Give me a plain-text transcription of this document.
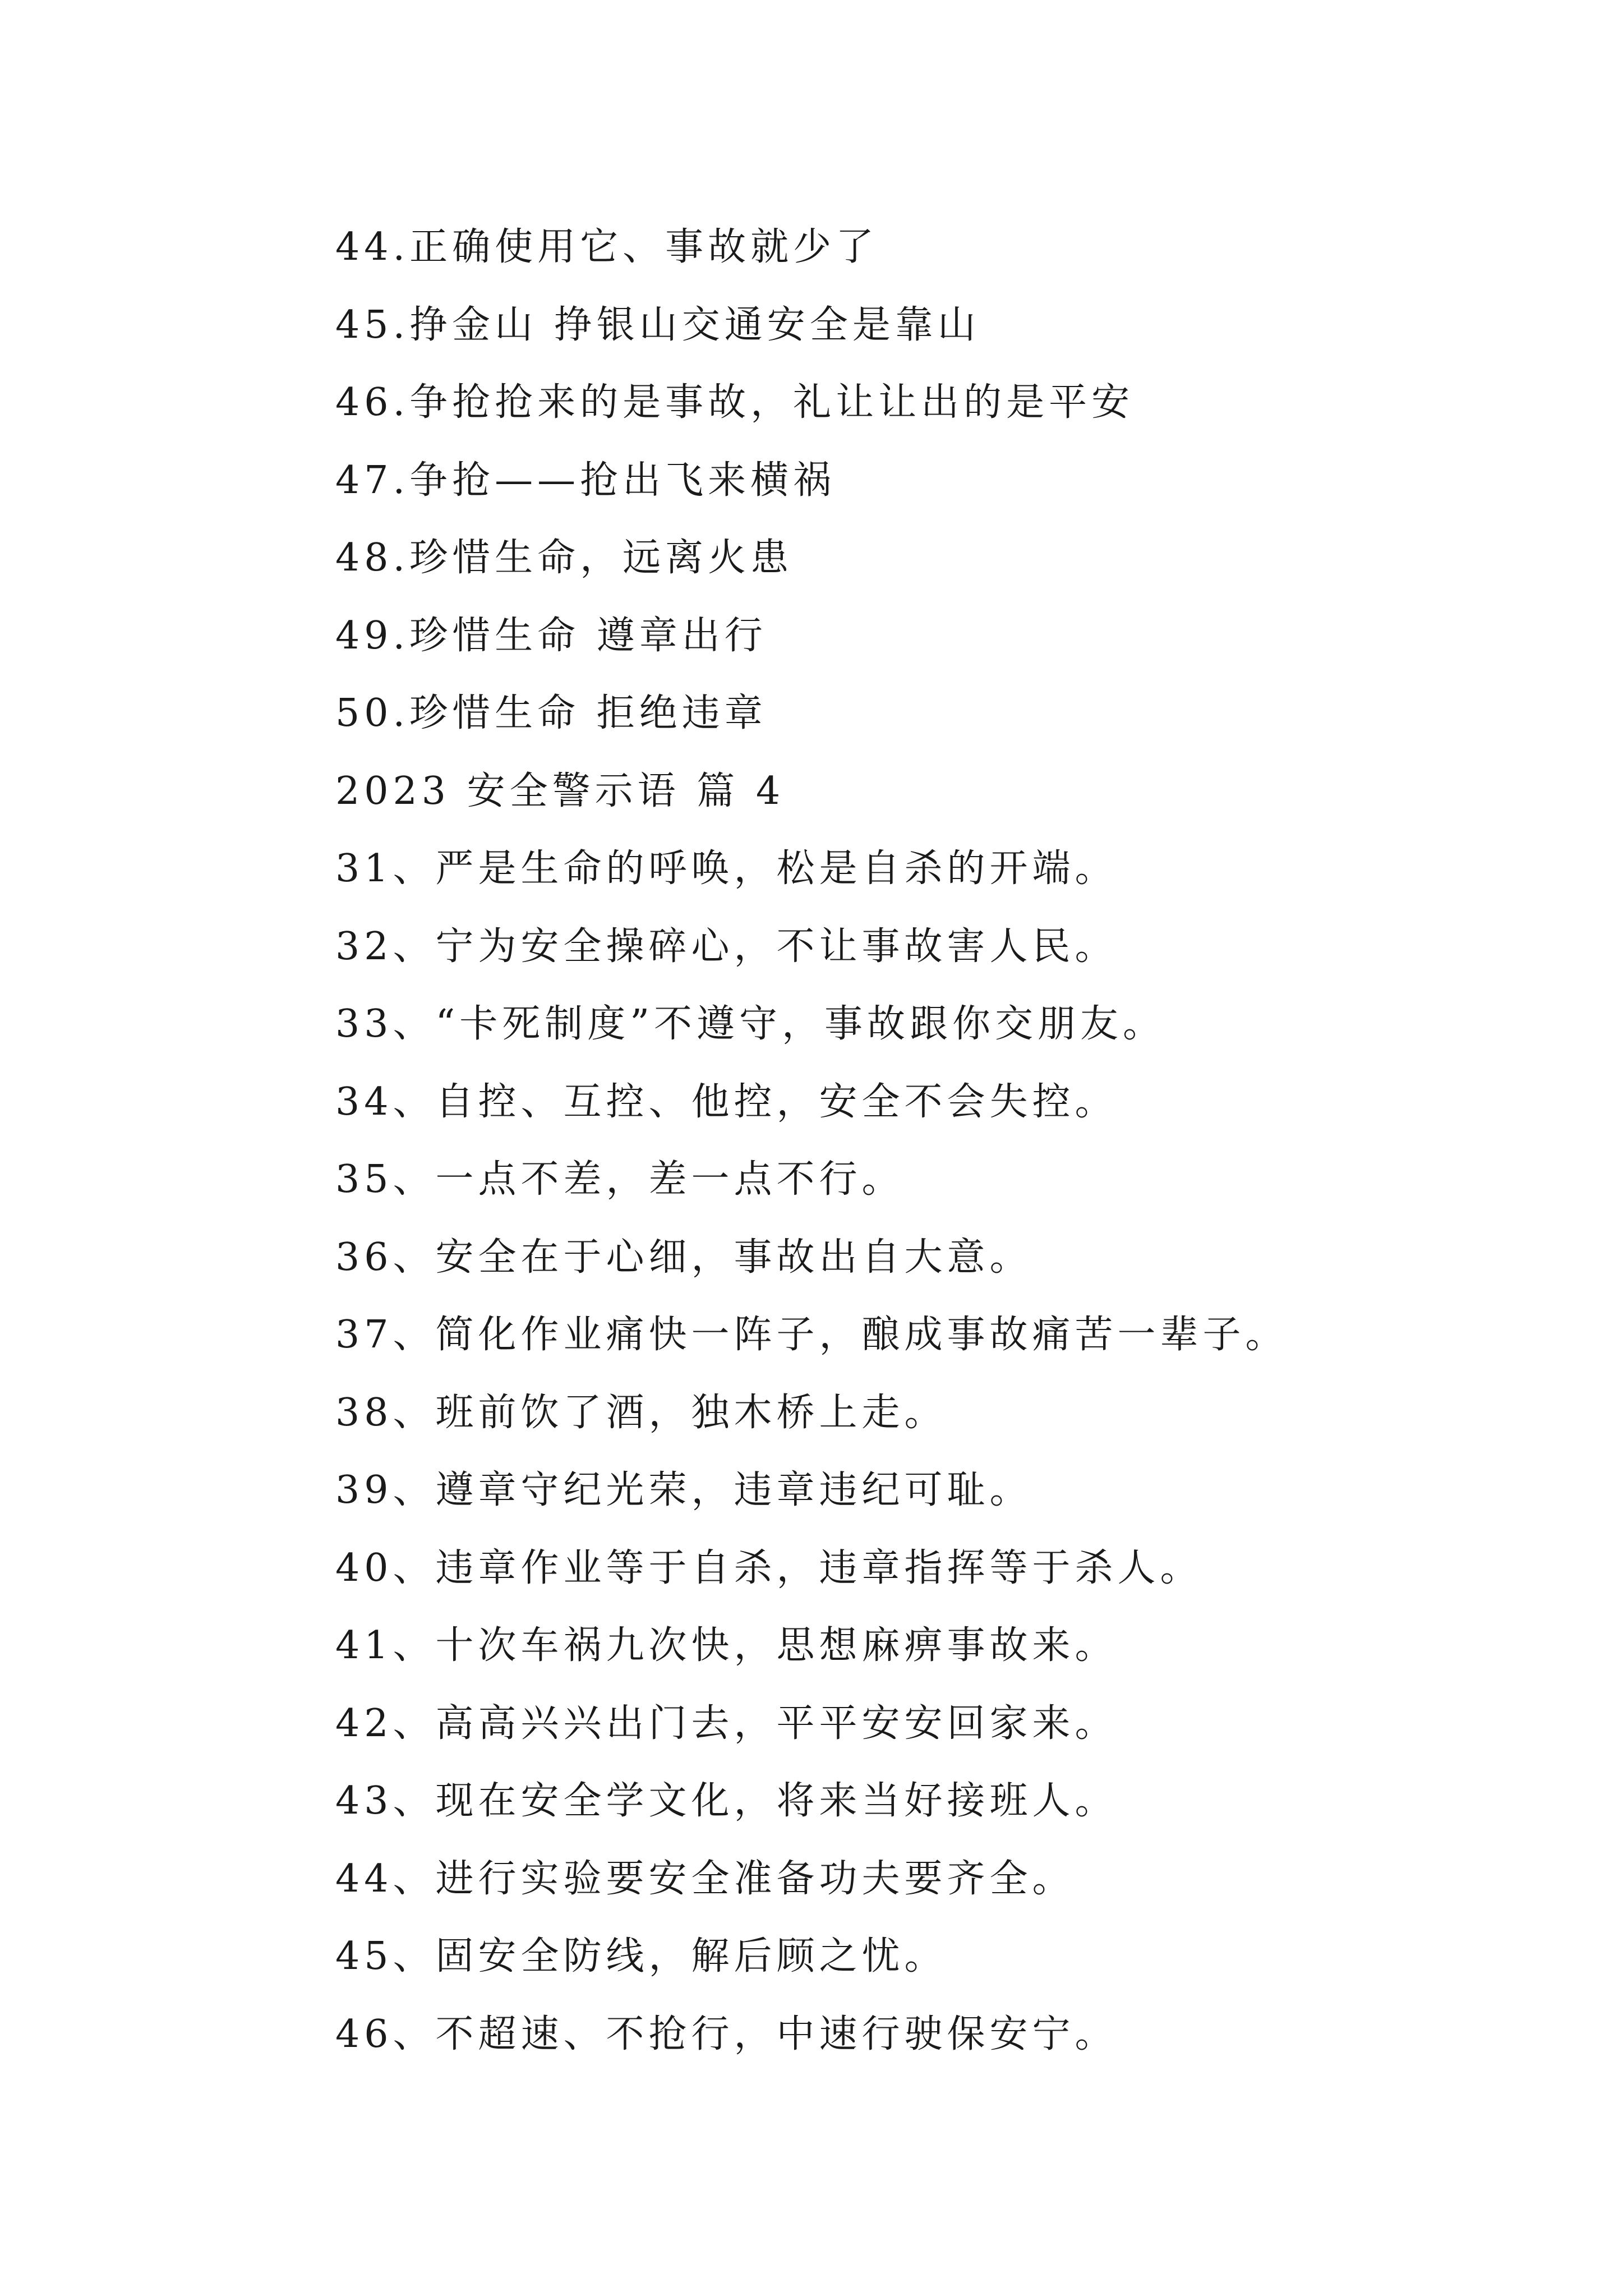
44.正确使用它、事故就少了
45.挣金山 挣银山交通安全是靠山
46.争抢抢来的是事故，礼让让出的是平安
47.争抢——抢出飞来横祸
48.珍惜生命，远离火患
49.珍惜生命 遵章出行
50.珍惜生命 拒绝违章
2023 安全警示语 篇 4
31、严是生命的呼唤，松是自杀的开端。
32、宁为安全操碎心，不让事故害人民。
33、“卡死制度”不遵守，事故跟你交朋友。
34、自控、互控、他控，安全不会失控。
35、一点不差，差一点不行。
36、安全在于心细，事故出自大意。
37、简化作业痛快一阵子，酿成事故痛苦一辈子。
38、班前饮了酒，独木桥上走。
39、遵章守纪光荣，违章违纪可耻。
40、违章作业等于自杀，违章指挥等于杀人。
41、十次车祸九次快，思想麻痹事故来。
42、高高兴兴出门去，平平安安回家来。
43、现在安全学文化，将来当好接班人。
44、进行实验要安全准备功夫要齐全。
45、固安全防线，解后顾之忧。
46、不超速、不抢行，中速行驶保安宁。
